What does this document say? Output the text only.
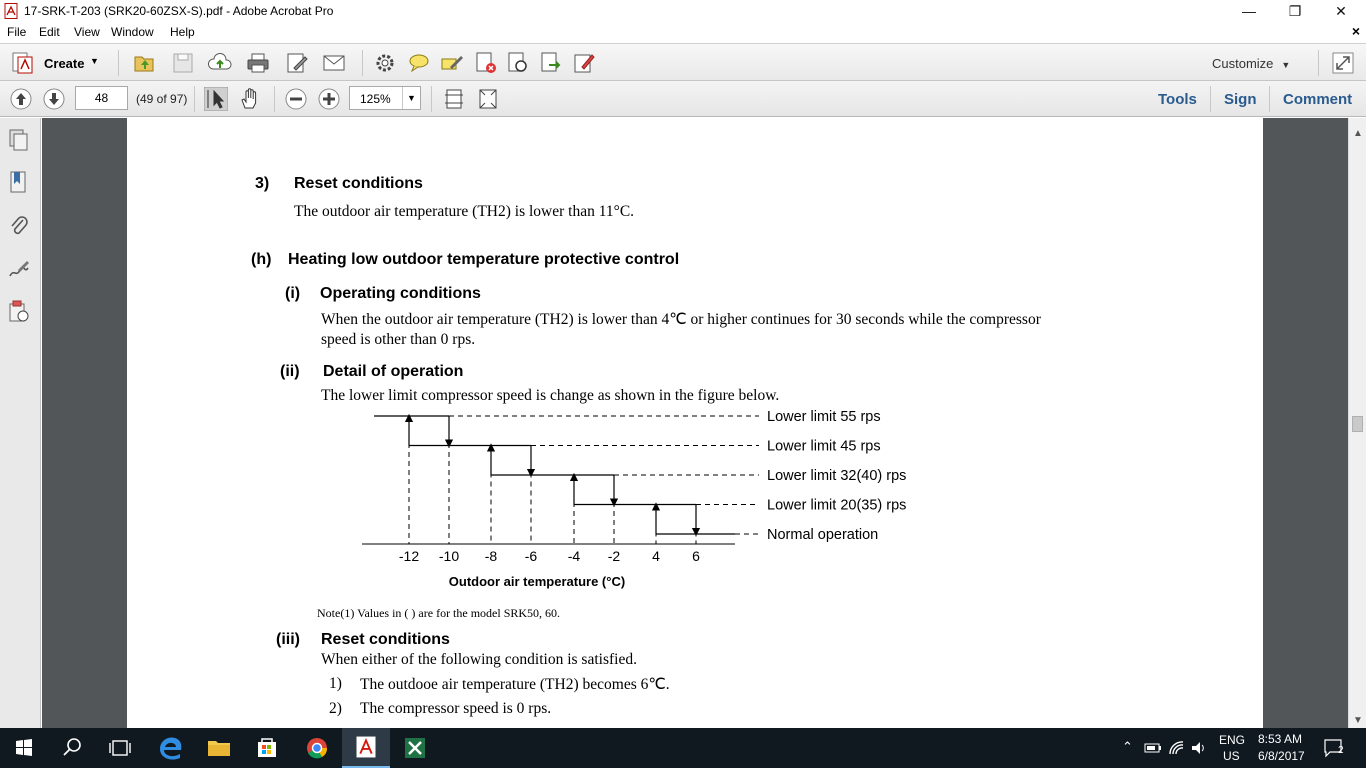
17-SRK-T-203 (SRK20-60ZSX-S).pdf - Adobe Acrobat Pro	—	❐	✕
File Edit View Window Help	×
Create ▼	Customize ▼
48
(49 of 97)	125%	▼	Tools Sign Comment
3) Reset conditions
The outdoor air temperature (TH2) is lower than 11°C.
(h) Heating low outdoor temperature protective control
(i) Operating conditions
When the outdoor air temperature (TH2) is lower than 4℃ or higher continues for 30 seconds while the compressor
speed is other than 0 rps.
(ii) Detail of operation
The lower limit compressor speed is change as shown in the figure below.
Lower limit 55 rps
Lower limit 45 rps
Lower limit 32(40) rps
Lower limit 20(35) rps
Normal operation
-12 -10 -8 -6 -4 -2 4 6
Outdoor air temperature (°C)
Note(1) Values in ( ) are for the model SRK50, 60.
(iii) Reset conditions
When either of the following condition is satisfied.
1) The outdooe air temperature (TH2) becomes 6℃.
2) The compressor speed is 0 rps.
▲
▼
⌃	ENG
US
8:53 AM
6/8/2017	2
